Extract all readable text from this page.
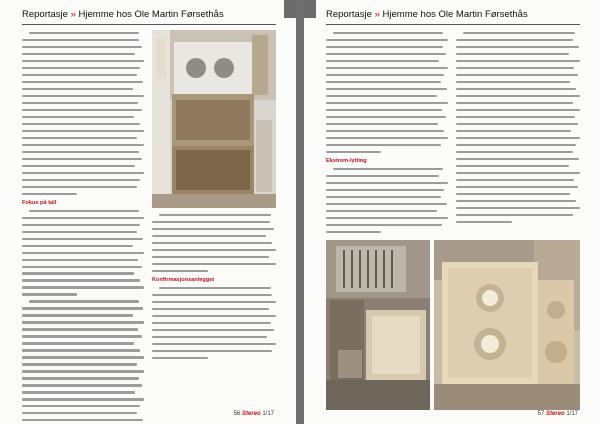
Reportasje » Hjemme hos Ole Martin Førsethås
Fokus på tall
Konfirmasjonsanlegget
56 Stereo 1/17
Reportasje » Hjemme hos Ole Martin Førsethås
Ekstrem-lytting
57 Stereo 1/17
